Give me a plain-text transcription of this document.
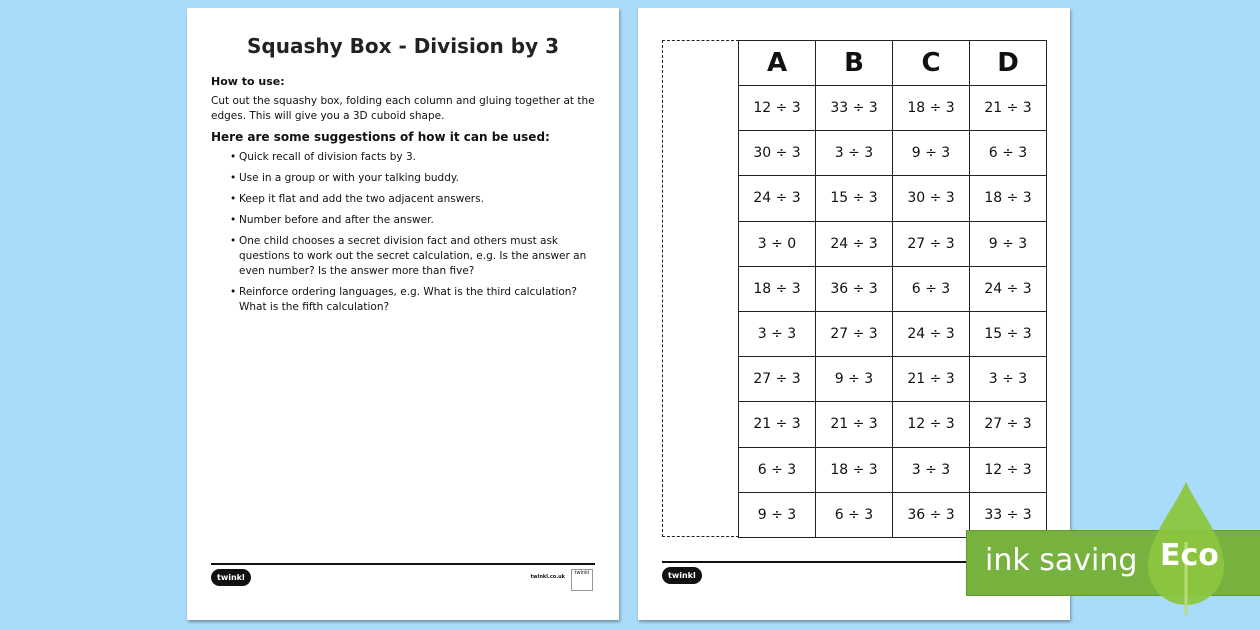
Squashy Box - Division by 3
How to use:
Cut out the squashy box, folding each column and gluing together at the edges. This will give you a 3D cuboid shape.
Here are some suggestions of how it can be used:
• Quick recall of division facts by 3.
• Use in a group or with your talking buddy.
• Keep it flat and add the two adjacent answers.
• Number before and after the answer.
• One child chooses a secret division fact and others must ask questions to work out the secret calculation, e.g. Is the answer an even number? Is the answer more than five?
• Reinforce ordering languages, e.g. What is the third calculation? What is the fifth calculation?
twinkl	twinkl.co.uk
twinkl
A	B	C	D
12 ÷ 3	33 ÷ 3	18 ÷ 3	21 ÷ 3
30 ÷ 3	3 ÷ 3	9 ÷ 3	6 ÷ 3
24 ÷ 3	15 ÷ 3	30 ÷ 3	18 ÷ 3
3 ÷ 0	24 ÷ 3	27 ÷ 3	9 ÷ 3
18 ÷ 3	36 ÷ 3	6 ÷ 3	24 ÷ 3
3 ÷ 3	27 ÷ 3	24 ÷ 3	15 ÷ 3
27 ÷ 3	9 ÷ 3	21 ÷ 3	3 ÷ 3
21 ÷ 3	21 ÷ 3	12 ÷ 3	27 ÷ 3
6 ÷ 3	18 ÷ 3	3 ÷ 3	12 ÷ 3
9 ÷ 3	6 ÷ 3	36 ÷ 3	33 ÷ 3
twinkl	ink saving Eco
